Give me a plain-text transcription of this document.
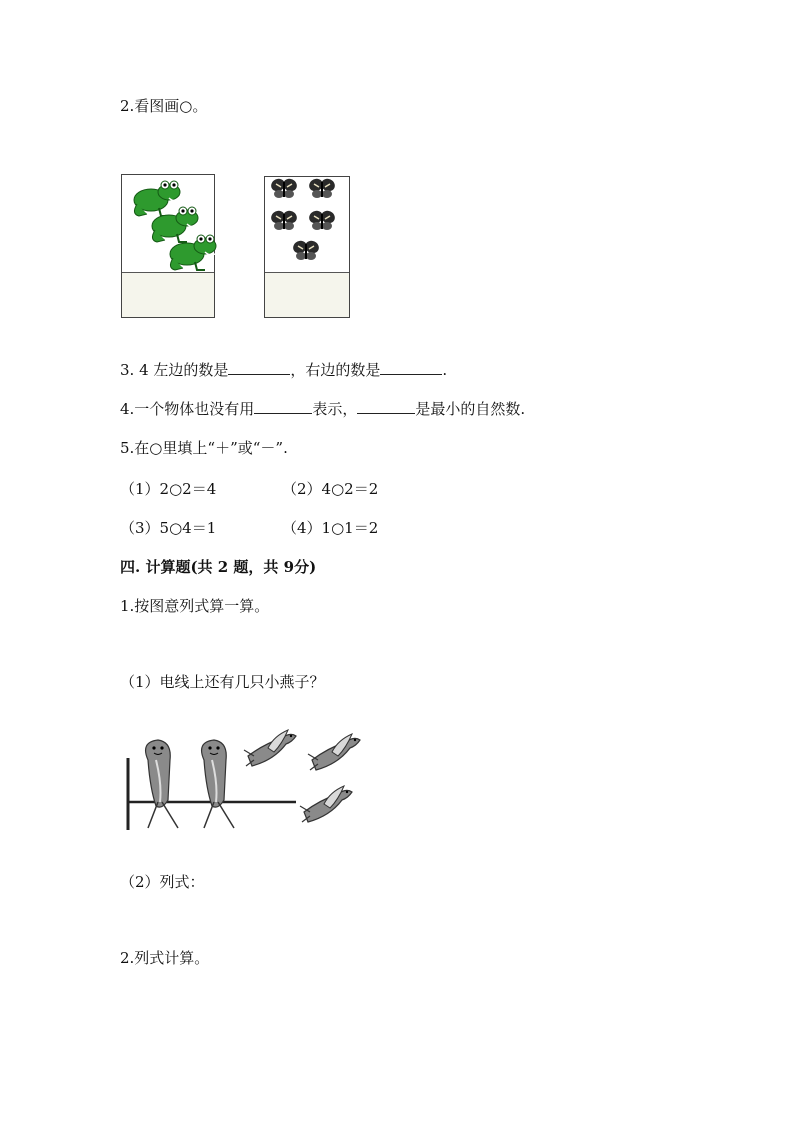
2.看图画○。
3. 4 左边的数是	，右边的数是	.
4.一个物体也没有用	表示，	是最小的自然数.
5.在○里填上“＋”或“－”.
（1）2○2＝4	（2）4○2＝2
（3）5○4＝1	（4）1○1＝2
四. 计算题(共 2 题，共 9分)
1.按图意列式算一算。
（1）电线上还有几只小燕子？
（2）列式：
2.列式计算。
